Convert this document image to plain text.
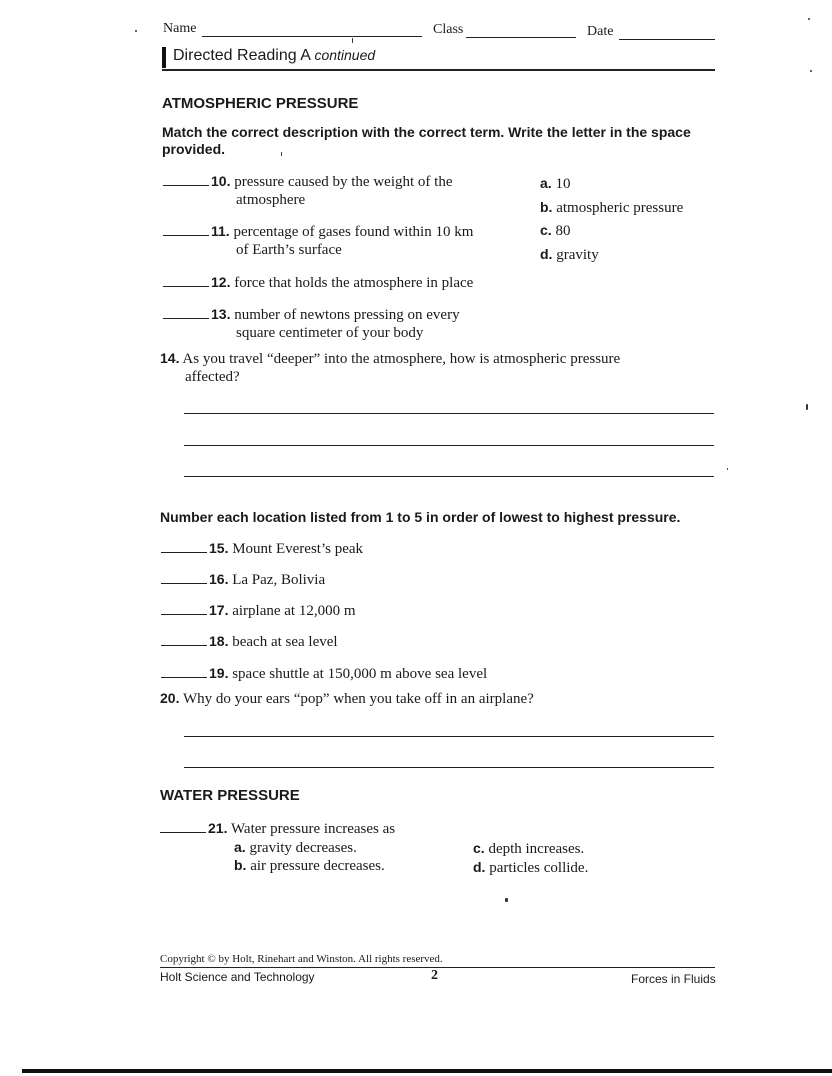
Name	Class	Date
Directed Reading A continued
ATMOSPHERIC PRESSURE
Match the correct description with the correct term. Write the letter in the space provided.
10. pressure caused by the weight of the
atmosphere
11. percentage of gases found within 10 km
of Earth’s surface
12. force that holds the atmosphere in place
13. number of newtons pressing on every
square centimeter of your body
a. 10
b. atmospheric pressure
c. 80
d. gravity
14. As you travel “deeper” into the atmosphere, how is atmospheric pressure
affected?
Number each location listed from 1 to 5 in order of lowest to highest pressure.
15. Mount Everest’s peak
16. La Paz, Bolivia
17. airplane at 12,000 m
18. beach at sea level
19. space shuttle at 150,000 m above sea level
20. Why do your ears “pop” when you take off in an airplane?
WATER PRESSURE
21. Water pressure increases as
a. gravity decreases.
b. air pressure decreases.
c. depth increases.
d. particles collide.
Copyright © by Holt, Rinehart and Winston. All rights reserved.
Holt Science and Technology	2	Forces in Fluids
